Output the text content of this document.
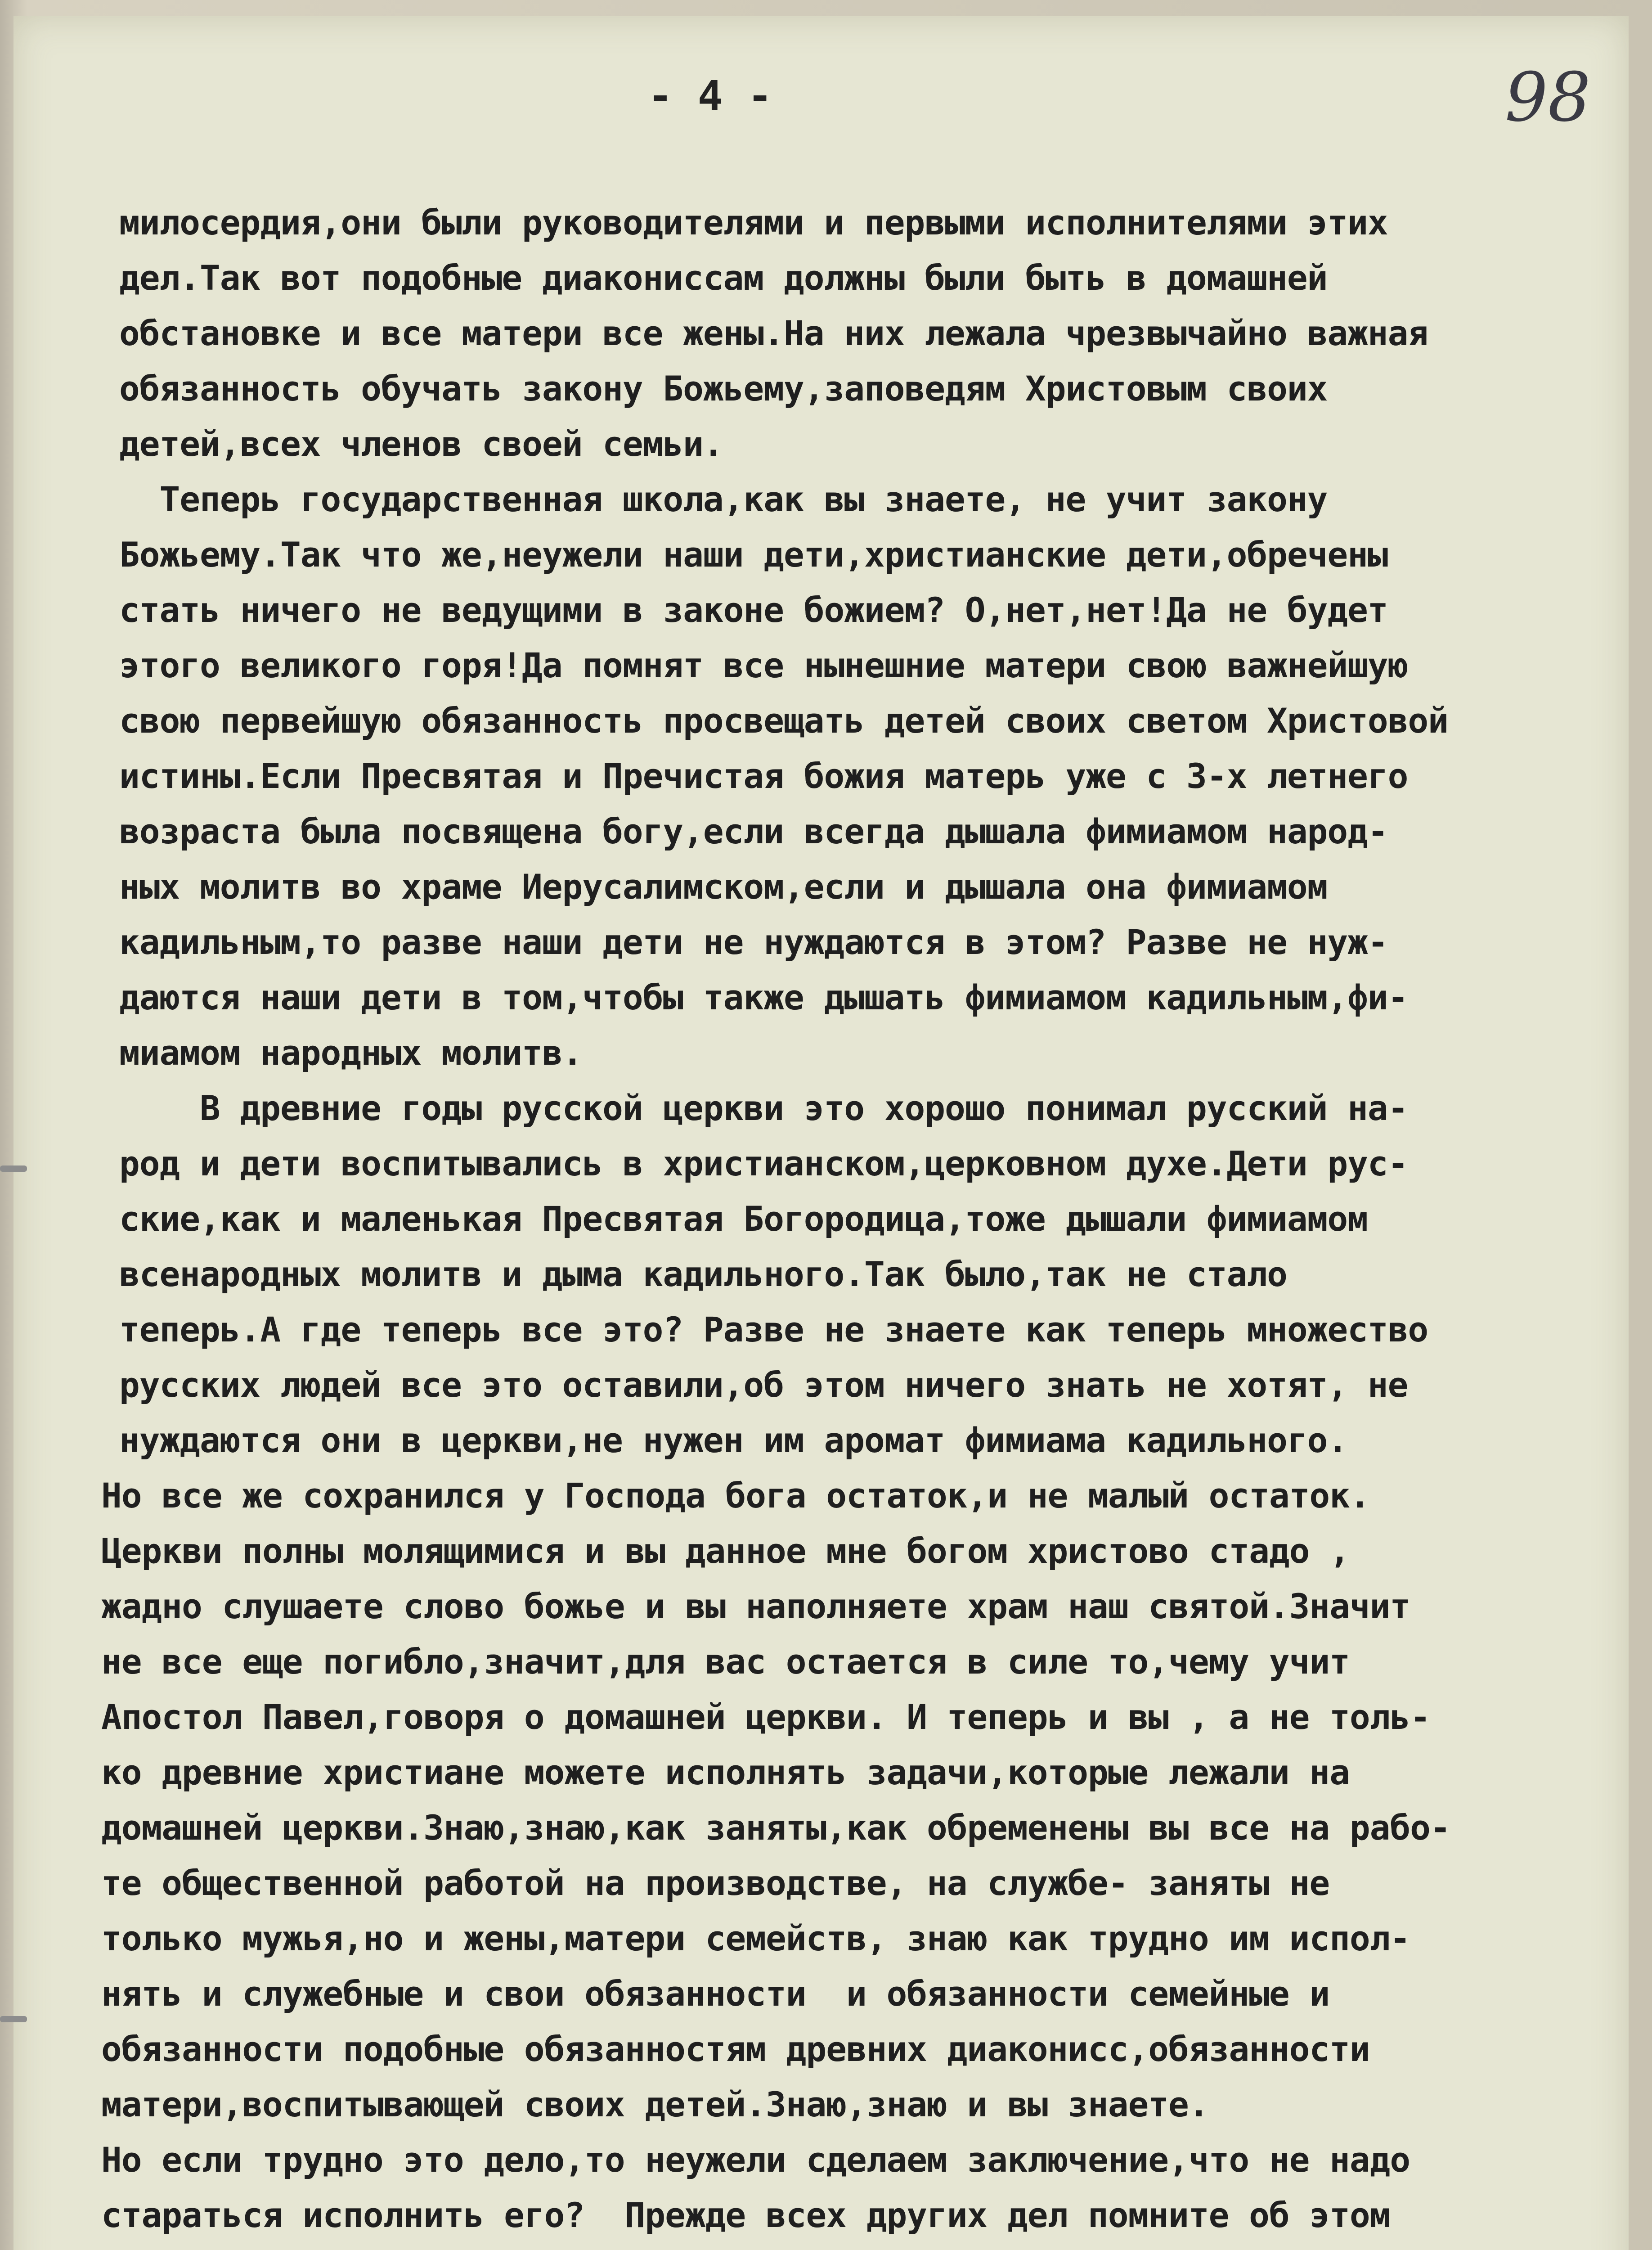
- 4 -	98
милосердия,они были руководителями и первыми исполнителями этих
дел.Так вот подобные диакониссам должны были быть в домашней
обстановке и все матери все жены.На них лежала чрезвычайно важная
обязанность обучать закону Божьему,заповедям Христовым своих
детей,всех членов своей семьи.
Теперь государственная школа,как вы знаете, не учит закону
Божьему.Так что же,неужели наши дети,христианские дети,обречены
стать ничего не ведущими в законе божием? О,нет,нет!Да не будет
этого великого горя!Да помнят все нынешние матери свою важнейшую
свою первейшую обязанность просвещать детей своих светом Христовой
истины.Если Пресвятая и Пречистая божия матерь уже с 3-х летнего
возраста была посвящена богу,если всегда дышала фимиамом народ-
ных молитв во храме Иерусалимском,если и дышала она фимиамом
кадильным,то разве наши дети не нуждаются в этом? Разве не нуж-
даются наши дети в том,чтобы также дышать фимиамом кадильным,фи-
миамом народных молитв.
В древние годы русской церкви это хорошо понимал русский на-
род и дети воспитывались в христианском,церковном духе.Дети рус-
ские,как и маленькая Пресвятая Богородица,тоже дышали фимиамом
всенародных молитв и дыма кадильного.Так было,так не стало
теперь.А где теперь все это? Разве не знаете как теперь множество
русских людей все это оставили,об этом ничего знать не хотят, не
нуждаются они в церкви,не нужен им аромат фимиама кадильного.
Но все же сохранился у Господа бога остаток,и не малый остаток.
Церкви полны молящимися и вы данное мне богом христово стадо ,
жадно слушаете слово божье и вы наполняете храм наш святой.Значит
не все еще погибло,значит,для вас остается в силе то,чему учит
Апостол Павел,говоря о домашней церкви. И теперь и вы , а не толь-
ко древние христиане можете исполнять задачи,которые лежали на
домашней церкви.Знаю,знаю,как заняты,как обременены вы все на рабо-
те общественной работой на производстве, на службе- заняты не
только мужья,но и жены,матери семейств, знаю как трудно им испол-
нять и служебные и свои обязанности  и обязанности семейные и
обязанности подобные обязанностям древних диаконисс,обязанности
матери,воспитывающей своих детей.Знаю,знаю и вы знаете.
Но если трудно это дело,то неужели сделаем заключение,что не надо
стараться исполнить его?  Прежде всех других дел помните об этом
